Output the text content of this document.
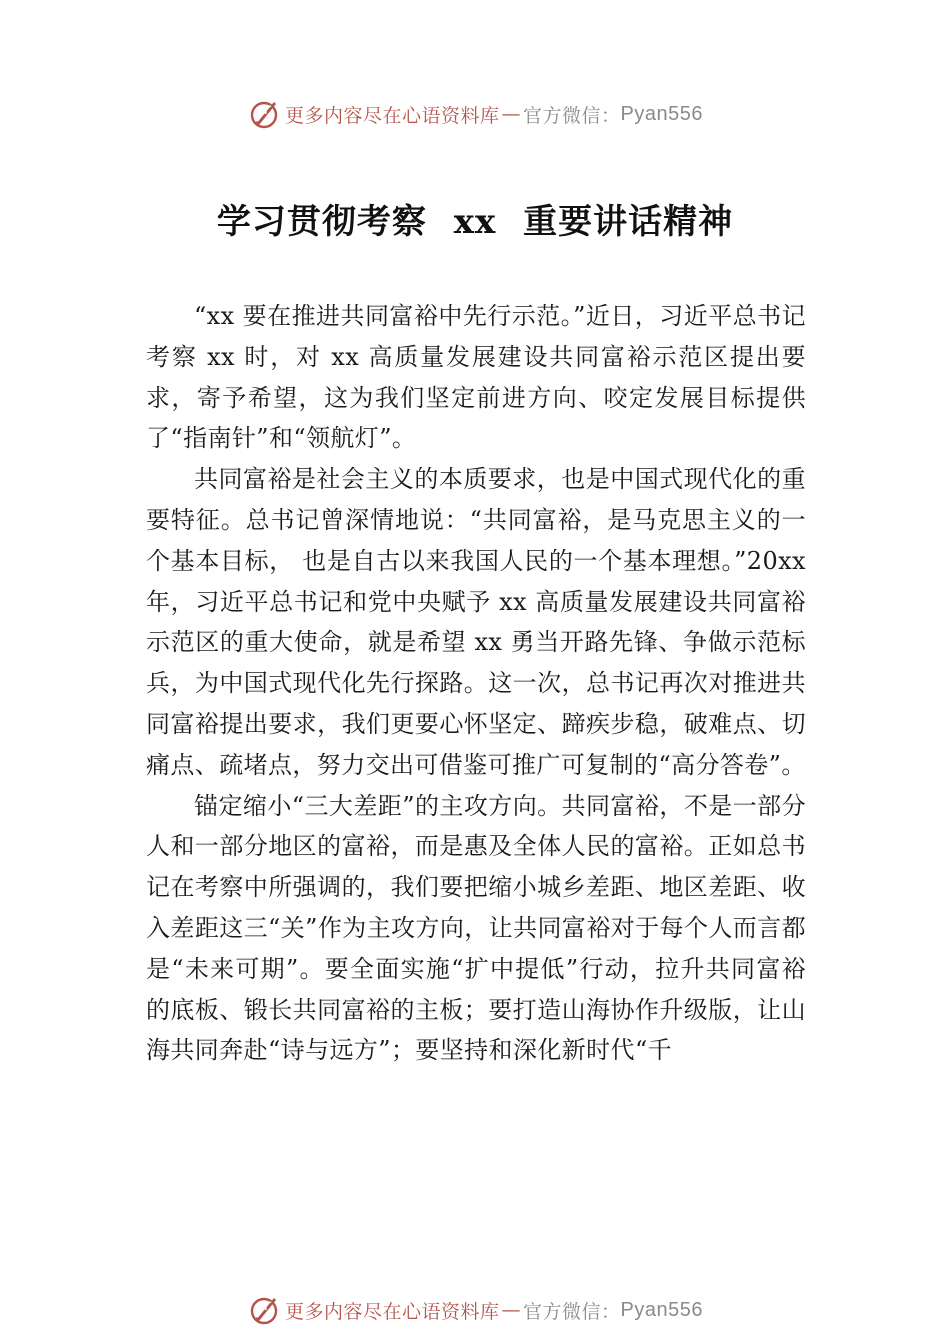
更多内容尽在心语资料库 — 官方微信： Pyan556
学习贯彻考察 xx 重要讲话精神

“xx 要在推进共同富裕中先行示范。”近日，习近平总书记考察 xx 时，对 xx 高质量发展建设共同富裕示范区提出要求，寄予希望，这为我们坚定前进方向、咬定发展目标提供了“指南针”和“领航灯”。

共同富裕是社会主义的本质要求，也是中国式现代化的重要特征。总书记曾深情地说：“共同富裕，是马克思主义的一个基本目标， 也是自古以来我国人民的一个基本理想。”20xx 年，习近平总书记和党中央赋予 xx 高质量发展建设共同富裕示范区的重大使命，就是希望 xx 勇当开路先锋、争做示范标兵，为中国式现代化先行探路。这一次，总书记再次对推进共同富裕提出要求，我们更要心怀坚定、蹄疾步稳，破难点、切痛点、疏堵点，努力交出可借鉴可推广可复制的“高分答卷”。

锚定缩小“三大差距”的主攻方向。共同富裕，不是一部分人和一部分地区的富裕，而是惠及全体人民的富裕。正如总书记在考察中所强调的，我们要把缩小城乡差距、地区差距、收入差距这三“关”作为主攻方向，让共同富裕对于每个人而言都是“未来可期”。要全面实施“扩中提低”行动，拉升共同富裕的底板、锻长共同富裕的主板；要打造山海协作升级版，让山海共同奔赴“诗与远方”；要坚持和深化新时代“千

更多内容尽在心语资料库 — 官方微信： Pyan556
